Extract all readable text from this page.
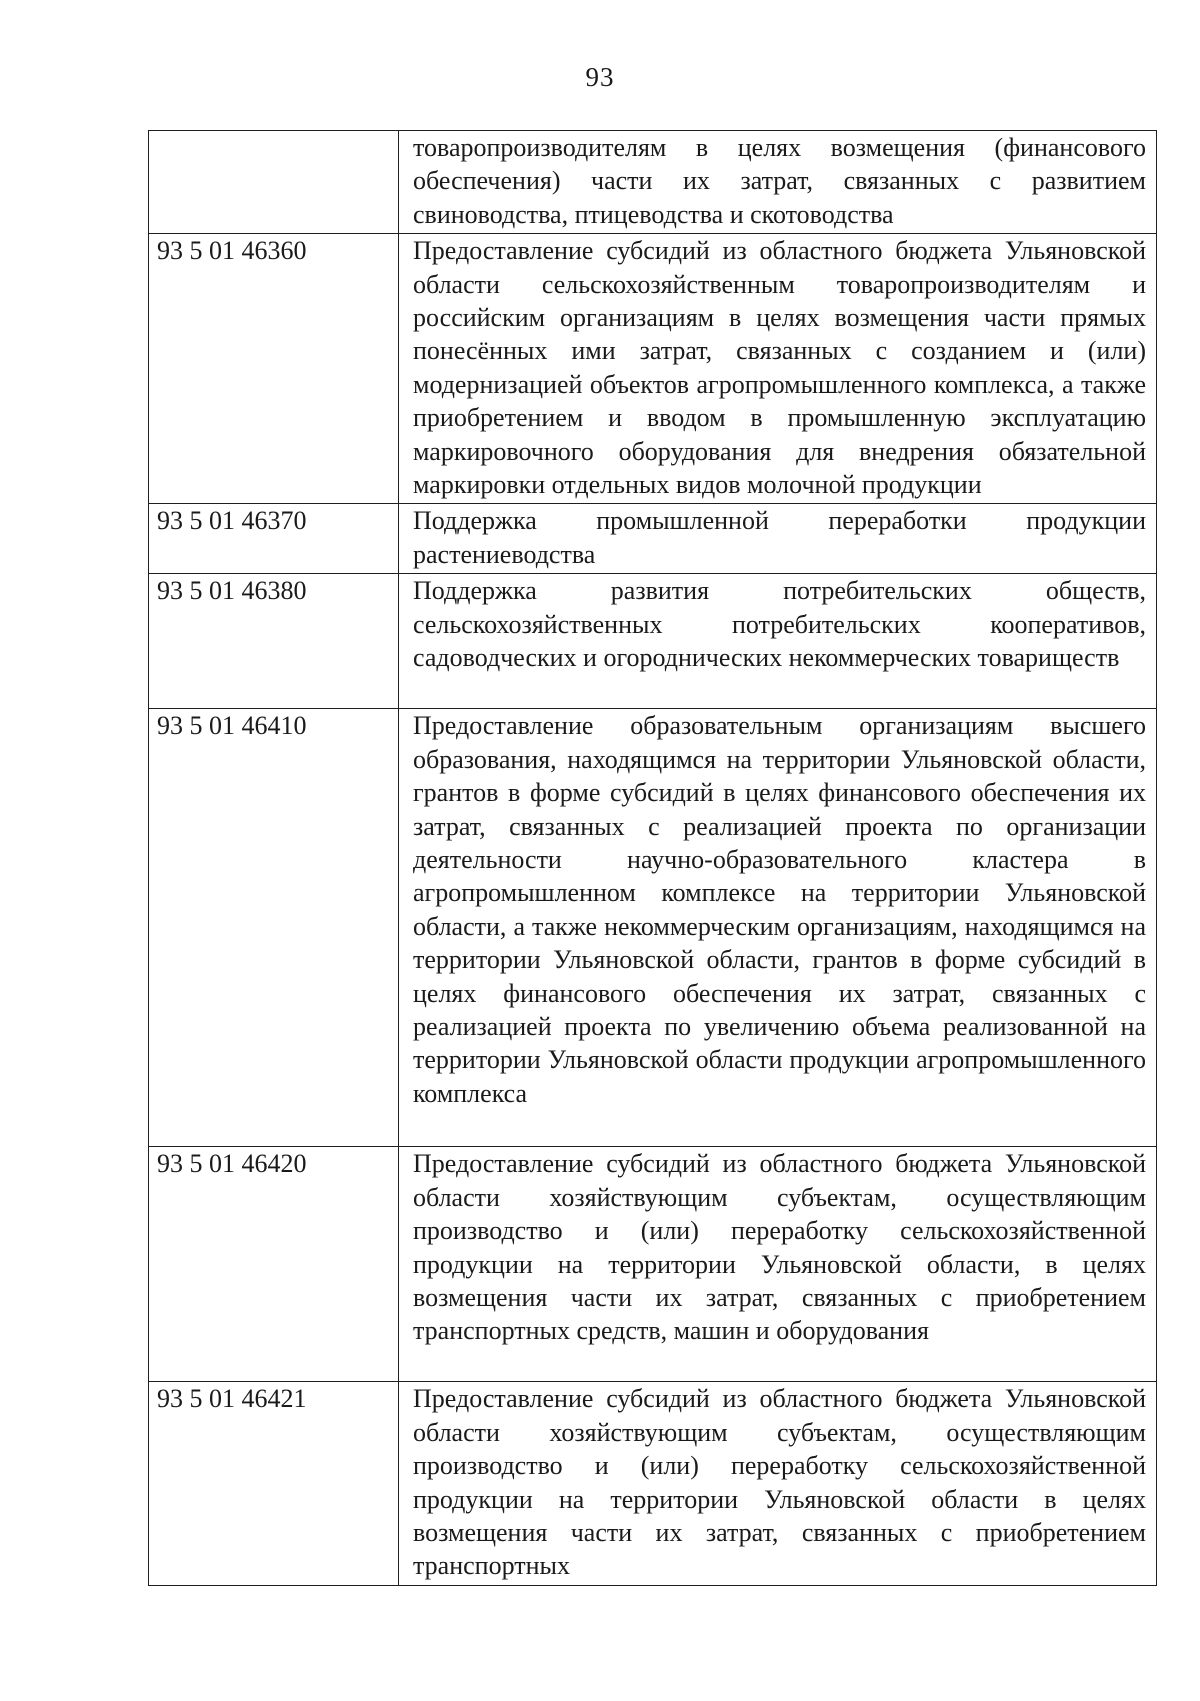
93

	товаропроизводителям в целях возмещения (финансового обеспечения) части их затрат, связанных с развитием свиноводства, птицеводства и скотоводства

93 5 01 46360	Предоставление субсидий из областного бюджета Ульяновской области сельскохозяйственным товаропроизводителям и российским организациям в целях возмещения части прямых понесённых ими затрат, связанных с созданием и (или) модернизацией объектов агропромышленного комплекса, а также приобретением и вводом в промышленную эксплуатацию маркировочного оборудования для внедрения обязательной маркировки отдельных видов молочной продукции

93 5 01 46370	Поддержка промышленной переработки продукции растениеводства

93 5 01 46380	Поддержка развития потребительских обществ, сельскохозяйственных потребительских кооперативов, садоводческих и огороднических некоммерческих товариществ

93 5 01 46410	Предоставление образовательным организациям высшего образования, находящимся на территории Ульяновской области, грантов в форме субсидий в целях финансового обеспечения их затрат, связанных с реализацией проекта по организации деятельности научно-образовательного кластера в агропромышленном комплексе на территории Ульяновской области, а также некоммерческим организациям, находящимся на территории Ульяновской области, грантов в форме субсидий в целях финансового обеспечения их затрат, связанных с реализацией проекта по увеличению объема реализованной на территории Ульяновской области продукции агропромышленного комплекса

93 5 01 46420	Предоставление субсидий из областного бюджета Ульяновской области хозяйствующим субъектам, осуществляющим производство и (или) переработку сельскохозяйственной продукции на территории Ульяновской области, в целях возмещения части их затрат, связанных с приобретением транспортных средств, машин и оборудования

93 5 01 46421	Предоставление субсидий из областного бюджета Ульяновской области хозяйствующим субъектам, осуществляющим производство и (или) переработку сельскохозяйственной продукции на территории Ульяновской области в целях возмещения части их затрат, связанных с приобретением транспортных
